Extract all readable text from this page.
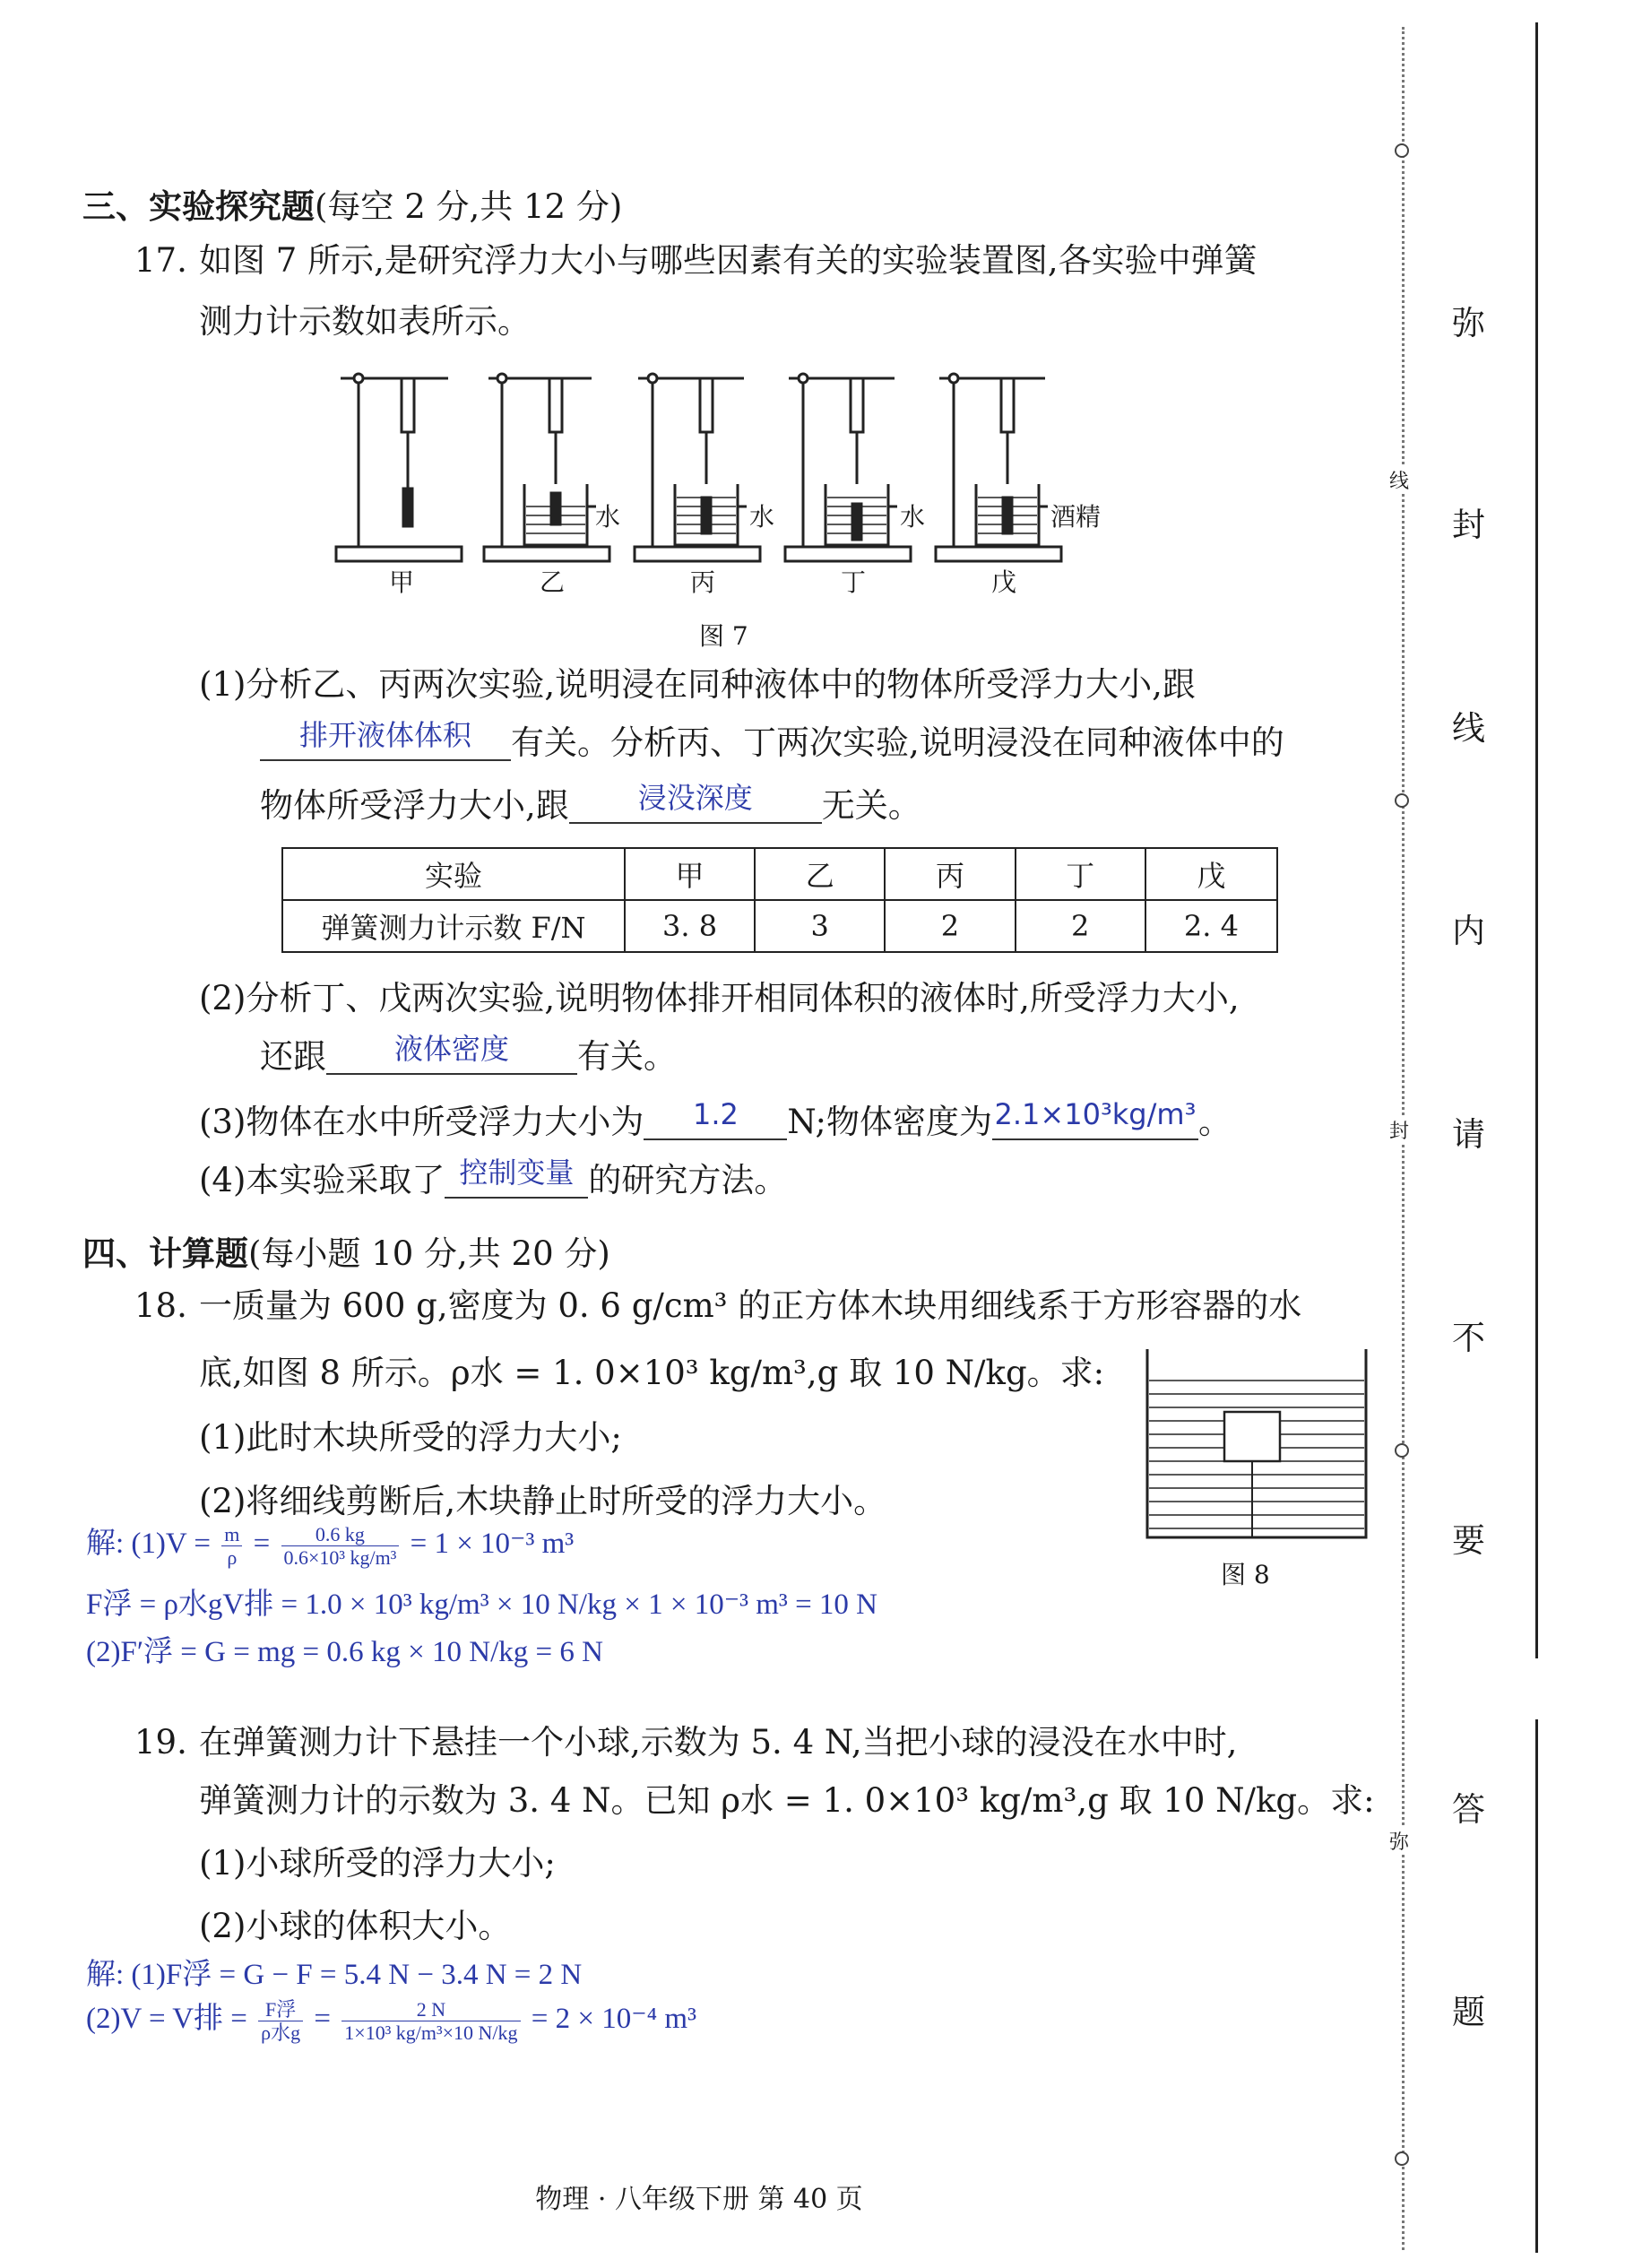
三、实验探究题(每空 2 分,共 12 分)
17. 如图 7 所示,是研究浮力大小与哪些因素有关的实验装置图,各实验中弹簧
测力计示数如表所示。
水	水	水	酒精
甲	乙	丙	丁	戊
图 7
(1)分析乙、丙两次实验,说明浸在同种液体中的物体所受浮力大小,跟
排开液体体积 有关。分析丙、丁两次实验,说明浸没在同种液体中的
物体所受浮力大小,跟 浸没深度 无关。
实验	甲	乙	丙	丁	戊
弹簧测力计示数 F/N	3. 8	3	2	2	2. 4
(2)分析丁、戊两次实验,说明物体排开相同体积的液体时,所受浮力大小,
还跟 液体密度 有关。
(3)物体在水中所受浮力大小为 1.2 N;物体密度为2.1×10³kg/m³。
(4)本实验采取了 控制变量 的研究方法。
四、计算题(每小题 10 分,共 20 分)
18. 一质量为 600 g,密度为 0. 6 g/cm³ 的正方体木块用细线系于方形容器的水
底,如图 8 所示。ρ水 = 1. 0×10³ kg/m³,g 取 10 N/kg。求:
(1)此时木块所受的浮力大小;
(2)将细线剪断后,木块静止时所受的浮力大小。
图 8
解: $(1)V = \frac{m}{\rho} = \frac{0.6 kg}{\text{0.6×10³ kg/m³}} = 1 \times 10^{-3}$ m³
F浮 = ρ水gV排 = 1.0 × 10³ kg/m³ × 10 N/kg × 1 × 10⁻³ m³ = 10 N
(2)F′浮 = G = mg = 0.6 kg × 10 N/kg = 6 N
19. 在弹簧测力计下悬挂一个小球,示数为 5. 4 N,当把小球的浸没在水中时,
弹簧测力计的示数为 3. 4 N。已知 ρ水 = 1. 0×10³ kg/m³,g 取 10 N/kg。求:
(1)小球所受的浮力大小;
(2)小球的体积大小。
解: (1)F浮 = G − F = 5.4 N − 3.4 N = 2 N
(2)V = V排 = $\frac{\text{F浮}}{\text{ρ水g}} = \frac{2 N}{\text{1×10³ kg/m³×10 N/kg}} = 2 \times 10^{-4}$ m³
物理 · 八年级下册 第 40 页
线
封
弥
弥
封
线
内
请
不
要
答
题
